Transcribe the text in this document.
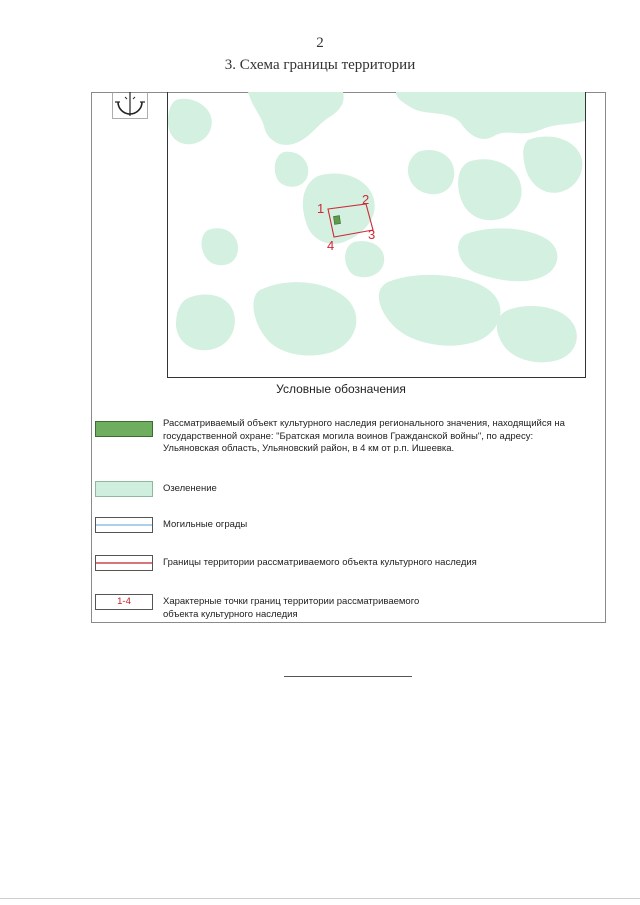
2
3. Схема границы территории
1
2
3
4
Условные обозначения
Рассматриваемый объект культурного наследия регионального значения, находящийся на
государственной охране: "Братская могила воинов Гражданской войны", по адресу:
Ульяновская область, Ульяновский район, в 4 км от р.п. Ишеевка.
Озеленение
Могильные ограды
Границы территории рассматриваемого объекта культурного наследия
1-4	Характерные точки границ территории рассматриваемого
объекта культурного наследия
